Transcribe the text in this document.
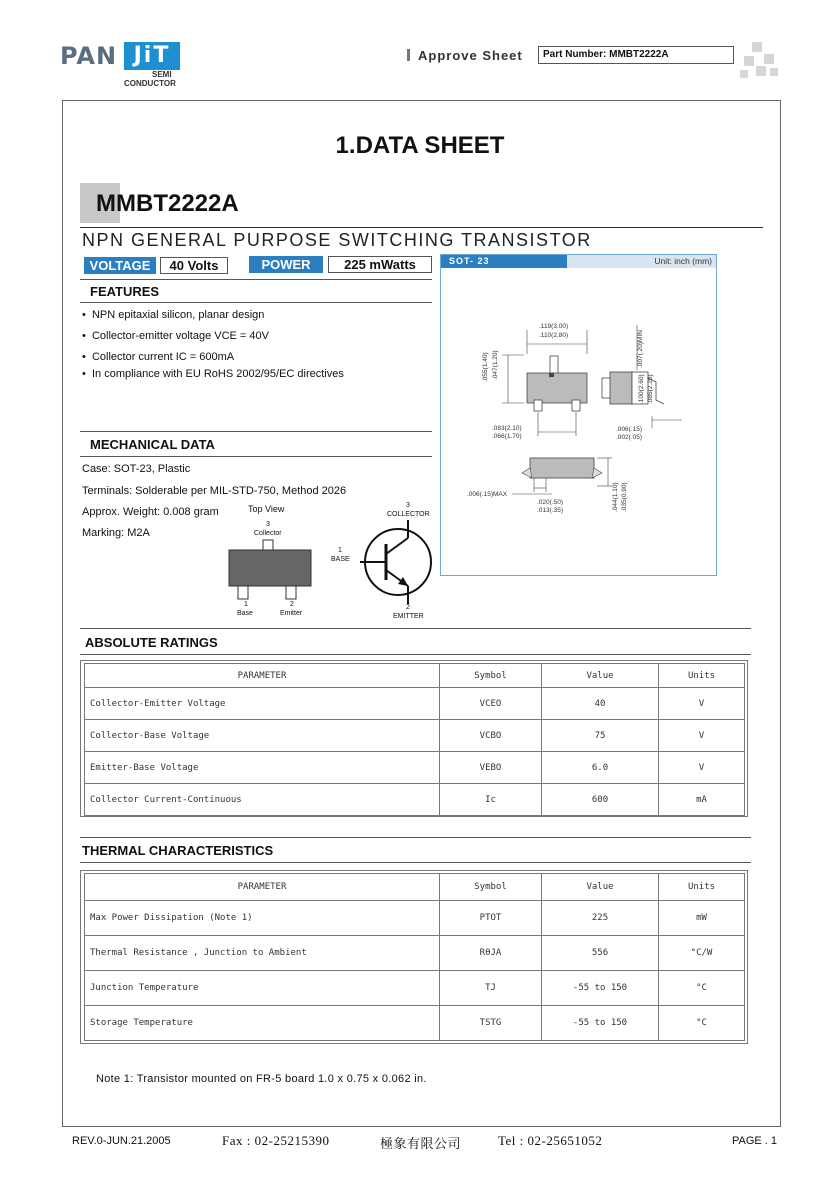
PAN JiT
SEMI
CONDUCTOR
Approve Sheet	Part Number: MMBT2222A
1.DATA SHEET
MMBT2222A
NPN GENERAL PURPOSE SWITCHING TRANSISTOR
VOLTAGE	40 Volts	POWER	225 mWatts
FEATURES
•  NPN epitaxial silicon, planar design
•  Collector-emitter voltage VCE = 40V
•  Collector current IC = 600mA
•  In compliance with EU RoHS 2002/95/EC directives
MECHANICAL DATA
Case: SOT-23, Plastic
Terminals: Solderable per MIL-STD-750, Method 2026
Approx. Weight: 0.008 gram
Marking: M2A
Top View
3
Collector
1
Base
2
Emitter
3
COLLECTOR
1
BASE
2
EMITTER
SOT- 23	Unit: inch (mm)
.119(3.00)
.110(2.80)
.055(1.40) .047(1.20)	.007(.20)MIN
.100(2.60) .085(2.20)
.083(2.10)
.066(1.70)
.006(.15)
.002(.05)
.006(.15)MAX
.020(.50)
.013(.35)	.044(1.10) .035(0.90)
ABSOLUTE RATINGS
PARAMETER	Symbol	Value	Units
Collector-Emitter Voltage	VCEO	40	V
Collector-Base Voltage	VCBO	75	V
Emitter-Base Voltage	VEBO	6.0	V
Collector Current-Continuous	Ic	600	mA
THERMAL CHARACTERISTICS
PARAMETER	Symbol	Value	Units
Max Power Dissipation (Note 1)	PTOT	225	mW
Thermal Resistance , Junction to Ambient	RθJA	556	°C/W
Junction Temperature	TJ	-55 to 150	°C
Storage Temperature	TSTG	-55 to 150	°C
Note 1: Transistor mounted on FR-5 board 1.0 x 0.75 x 0.062 in.
REV.0-JUN.21.2005	Fax : 02-25215390	極象有限公司	Tel : 02-25651052	PAGE . 1
